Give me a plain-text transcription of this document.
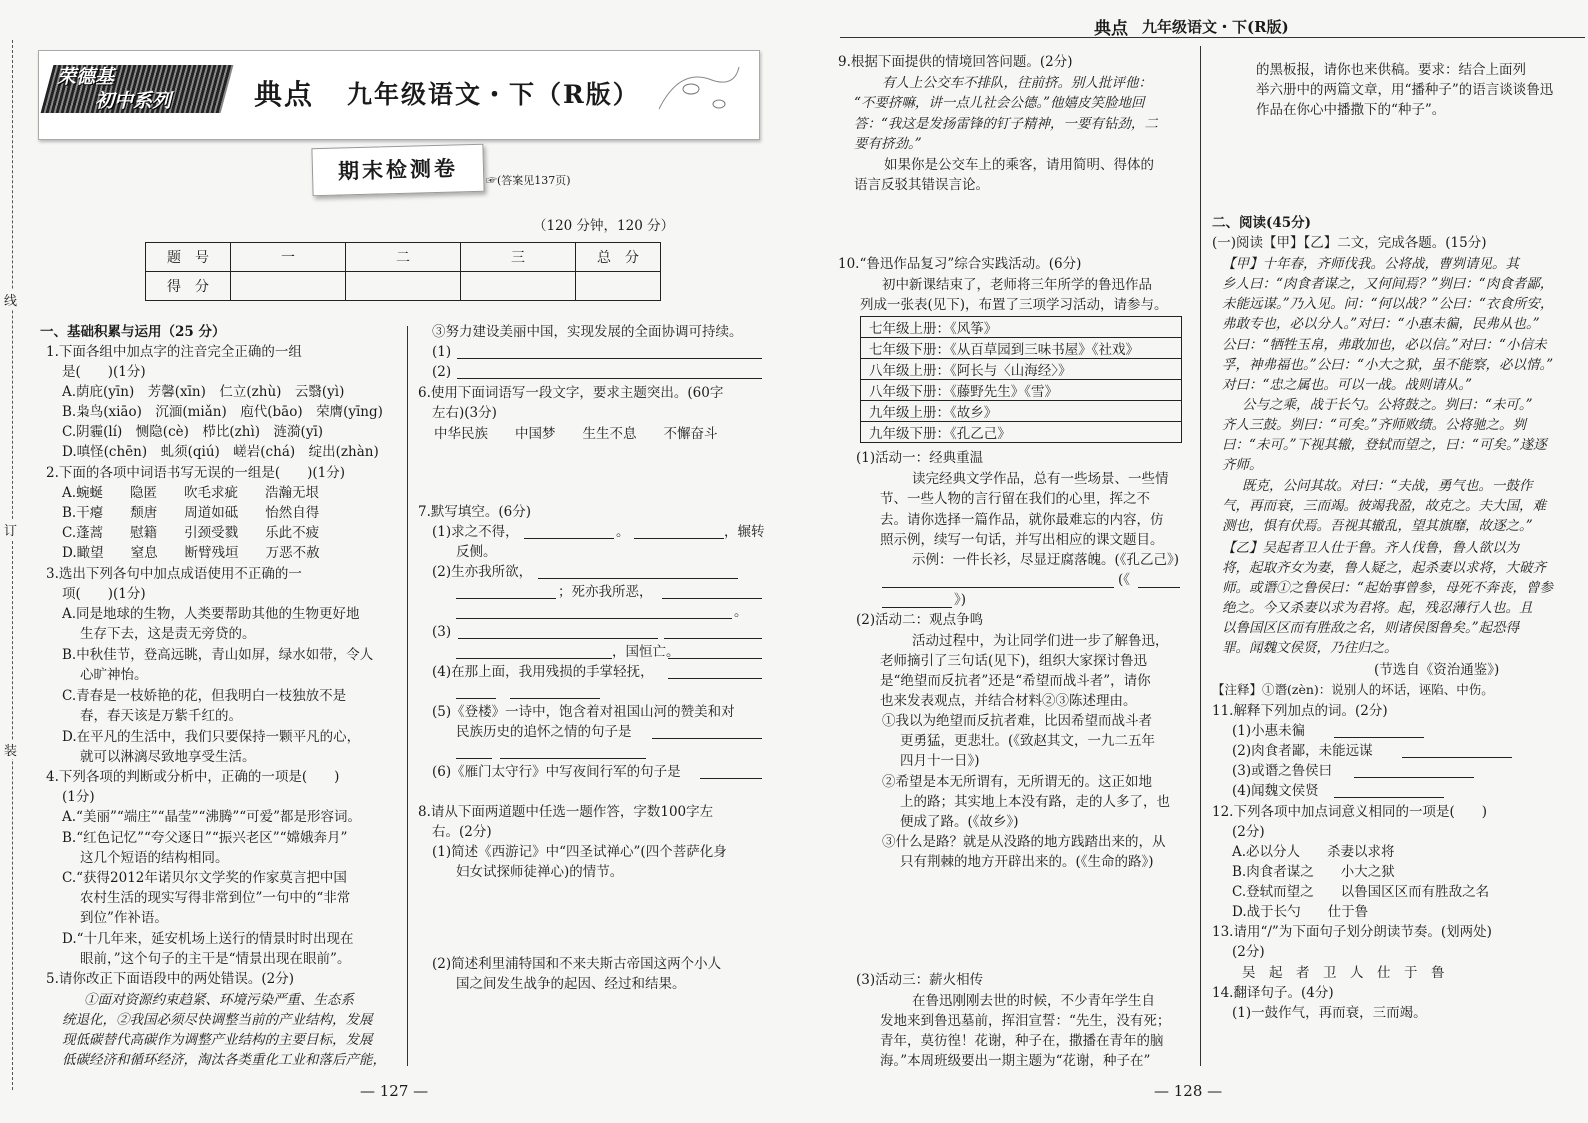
线
订
装
荣德基
初中系列	典点 九年级语文・下（R版）
期末检测卷	☞(答案见137页)
（120 分钟，120 分）
题　号	一	二	三	总　分
得　分				
一、基础积累与运用（25 分）
1.下面各组中加点字的注音完全正确的一组
是(　　)(1分)
A.荫庇(yīn)　芳馨(xīn)　仁立(zhù)　云翳(yì)
B.枭鸟(xiāo)　沉湎(miǎn)　庖代(bāo)　荣膺(yīng)
C.阴霾(lí)　恻隐(cè)　栉比(zhì)　涟漪(yī)
D.嗔怪(chēn)　虬须(qiú)　嵯岩(chá)　绽出(zhàn)
2.下面的各项中词语书写无误的一组是(　　)(1分)
A.蜿蜒　　隐匿　　吹毛求疵　　浩瀚无垠
B.干瘪　　颓唐　　周道如砥　　怡然自得
C.蓬蒿　　慰籍　　引颈受戮　　乐此不疲
D.瞰望　　窒息　　断臂残垣　　万恶不赦
3.选出下列各句中加点成语使用不正确的一
项(　　)(1分)
A.同是地球的生物，人类要帮助其他的生物更好地
生存下去，这是责无旁贷的。
B.中秋佳节，登高远眺，青山如屏，绿水如带，令人
心旷神怡。
C.青春是一枝娇艳的花，但我明白一枝独放不是
春，春天该是万紫千红的。
D.在平凡的生活中，我们只要保持一颗平凡的心，
就可以淋漓尽致地享受生活。
4.下列各项的判断或分析中，正确的一项是(　　)
(1分)
A.“美丽”“端庄”“晶莹”“沸腾”“可爱”都是形容词。
B.“红色记忆”“夸父逐日”“振兴老区”“嫦娥奔月”
这几个短语的结构相同。
C.“获得2012年诺贝尔文学奖的作家莫言把中国
农村生活的现实写得非常到位”一句中的“非常
到位”作补语。
D.“十几年来，延安机场上送行的情景时时出现在
眼前，”这个句子的主干是“情景出现在眼前”。
5.请你改正下面语段中的两处错误。(2分)
①面对资源约束趋紧、环境污染严重、生态系
统退化，②我国必须尽快调整当前的产业结构，发展
现低碳替代高碳作为调整产业结构的主要目标，发展
低碳经济和循环经济，淘汰各类重化工业和落后产能，
③努力建设美丽中国，实现发展的全面协调可持续。
(1)
(2)
6.使用下面词语写一段文字，要求主题突出。(60字
左右)(3分)
中华民族　　中国梦　　生生不息　　不懈奋斗
7.默写填空。(6分)
(1)求之不得，	。	，辗转
反侧。
(2)生亦我所欲，
；死亦我所恶，
。
(3)
，国恒亡。
(4)在那上面，我用残损的手掌轻抚，
(5)《登楼》一诗中，饱含着对祖国山河的赞美和对
民族历史的追怀之情的句子是
(6)《雁门太守行》中写夜间行军的句子是
8.请从下面两道题中任选一题作答，字数100字左
右。(2分)
(1)简述《西游记》中“四圣试禅心”(四个菩萨化身
妇女试探师徒禅心)的情节。
(2)简述利里浦特国和不来夫斯古帝国这两个小人
国之间发生战争的起因、经过和结果。
— 127 —
典点 九年级语文・下(R版)
9.根据下面提供的情境回答问题。(2分)
有人上公交车不排队，往前挤。别人批评他：
“不要挤嘛，讲一点儿社会公德。”他嬉皮笑脸地回
答：“我这是发扬雷锋的钉子精神，一要有钻劲，二
要有挤劲。”
如果你是公交车上的乘客，请用简明、得体的
语言反驳其错误言论。
10.“鲁迅作品复习”综合实践活动。(6分)
初中新课结束了，老师将三年所学的鲁迅作品
列成一张表(见下)，布置了三项学习活动，请参与。
(1)活动一：经典重温
读完经典文学作品，总有一些场景、一些情
节、一些人物的言行留在我们的心里，挥之不
去。请你选择一篇作品，就你最难忘的内容，仿
照示例，续写一句话，并写出相应的课文题目。
示例：一件长衫，尽显迂腐落魄。(《孔乙己》)
(《
》)
(2)活动二：观点争鸣
活动过程中，为让同学们进一步了解鲁迅，
老师摘引了三句话(见下)，组织大家探讨鲁迅
是“绝望而反抗者”还是“希望而战斗者”，请你
也来发表观点，并结合材料②③陈述理由。
①我以为绝望而反抗者难，比因希望而战斗者
更勇猛，更悲壮。(《致赵其文，一九二五年
四月十一日》)
②希望是本无所谓有，无所谓无的。这正如地
上的路；其实地上本没有路，走的人多了，也
便成了路。(《故乡》)
③什么是路？就是从没路的地方践踏出来的，从
只有荆棘的地方开辟出来的。(《生命的路》)
(3)活动三：薪火相传
在鲁迅刚刚去世的时候，不少青年学生自
发地来到鲁迅墓前，挥泪宣誓：“先生，没有死；
青年，莫彷徨！花谢，种子在，撒播在青年的脑
海。”本周班级要出一期主题为“花谢，种子在”
的黑板报，请你也来供稿。要求：结合上面列
举六册中的两篇文章，用“播种子”的语言谈谈鲁迅
作品在你心中播撒下的“种子”。
二、阅读(45分)
(一)阅读【甲】【乙】二文，完成各题。(15分)
【甲】十年春，齐师伐我。公将战，曹刿请见。其
乡人曰：“肉食者谋之，又何间焉？”刿曰：“肉食者鄙，
未能远谋。”乃入见。问：“何以战？”公曰：“衣食所安，
弗敢专也，必以分人。”对曰：“小惠未徧，民弗从也。”
公曰：“牺牲玉帛，弗敢加也，必以信。”对曰：“小信未
孚，神弗福也。”公曰：“小大之狱，虽不能察，必以情。”
对曰：“忠之属也。可以一战。战则请从。”
公与之乘，战于长勺。公将鼓之。刿曰：“未可。”
齐人三鼓。刿曰：“可矣。”齐师败绩。公将驰之。刿
曰：“未可。”下视其辙，登轼而望之，曰：“可矣。”遂逐
齐师。
既克，公问其故。对曰：“夫战，勇气也。一鼓作
气，再而衰，三而竭。彼竭我盈，故克之。夫大国，难
测也，惧有伏焉。吾视其辙乱，望其旗靡，故逐之。”
【乙】吴起者卫人仕于鲁。齐人伐鲁，鲁人欲以为
将，起取齐女为妻，鲁人疑之，起杀妻以求将，大破齐
师。或谮①之鲁侯曰：“起始事曾参，母死不奔丧，曾参
绝之。今又杀妻以求为君将。起，残忍薄行人也。且
以鲁国区区而有胜敌之名，则诸侯图鲁矣。”起恐得
罪。闻魏文侯贤，乃往归之。
(节选自《资治通鉴》)
【注释】①谮(zèn)：说别人的坏话，诬陷、中伤。
11.解释下列加点的词。(2分)
(1)小惠未徧
(2)肉食者鄙，未能远谋
(3)或谮之鲁侯曰
(4)闻魏文侯贤
12.下列各项中加点词意义相同的一项是(　　)
(2分)
A.必以分人　　杀妻以求将
B.肉食者谋之　　小大之狱
C.登轼而望之　　以鲁国区区而有胜敌之名
D.战于长勺　　仕于鲁
13.请用“/”为下面句子划分朗读节奏。(划两处)
(2分)
吴　起　者　卫　人　仕　于　鲁
14.翻译句子。(4分)
(1)一鼓作气，再而衰，三而竭。
— 128 —
七年级上册：《风筝》
七年级下册：《从百草园到三味书屋》《社戏》
八年级上册：《阿长与〈山海经〉》
八年级下册：《藤野先生》《雪》
九年级上册：《故乡》
九年级下册：《孔乙己》
